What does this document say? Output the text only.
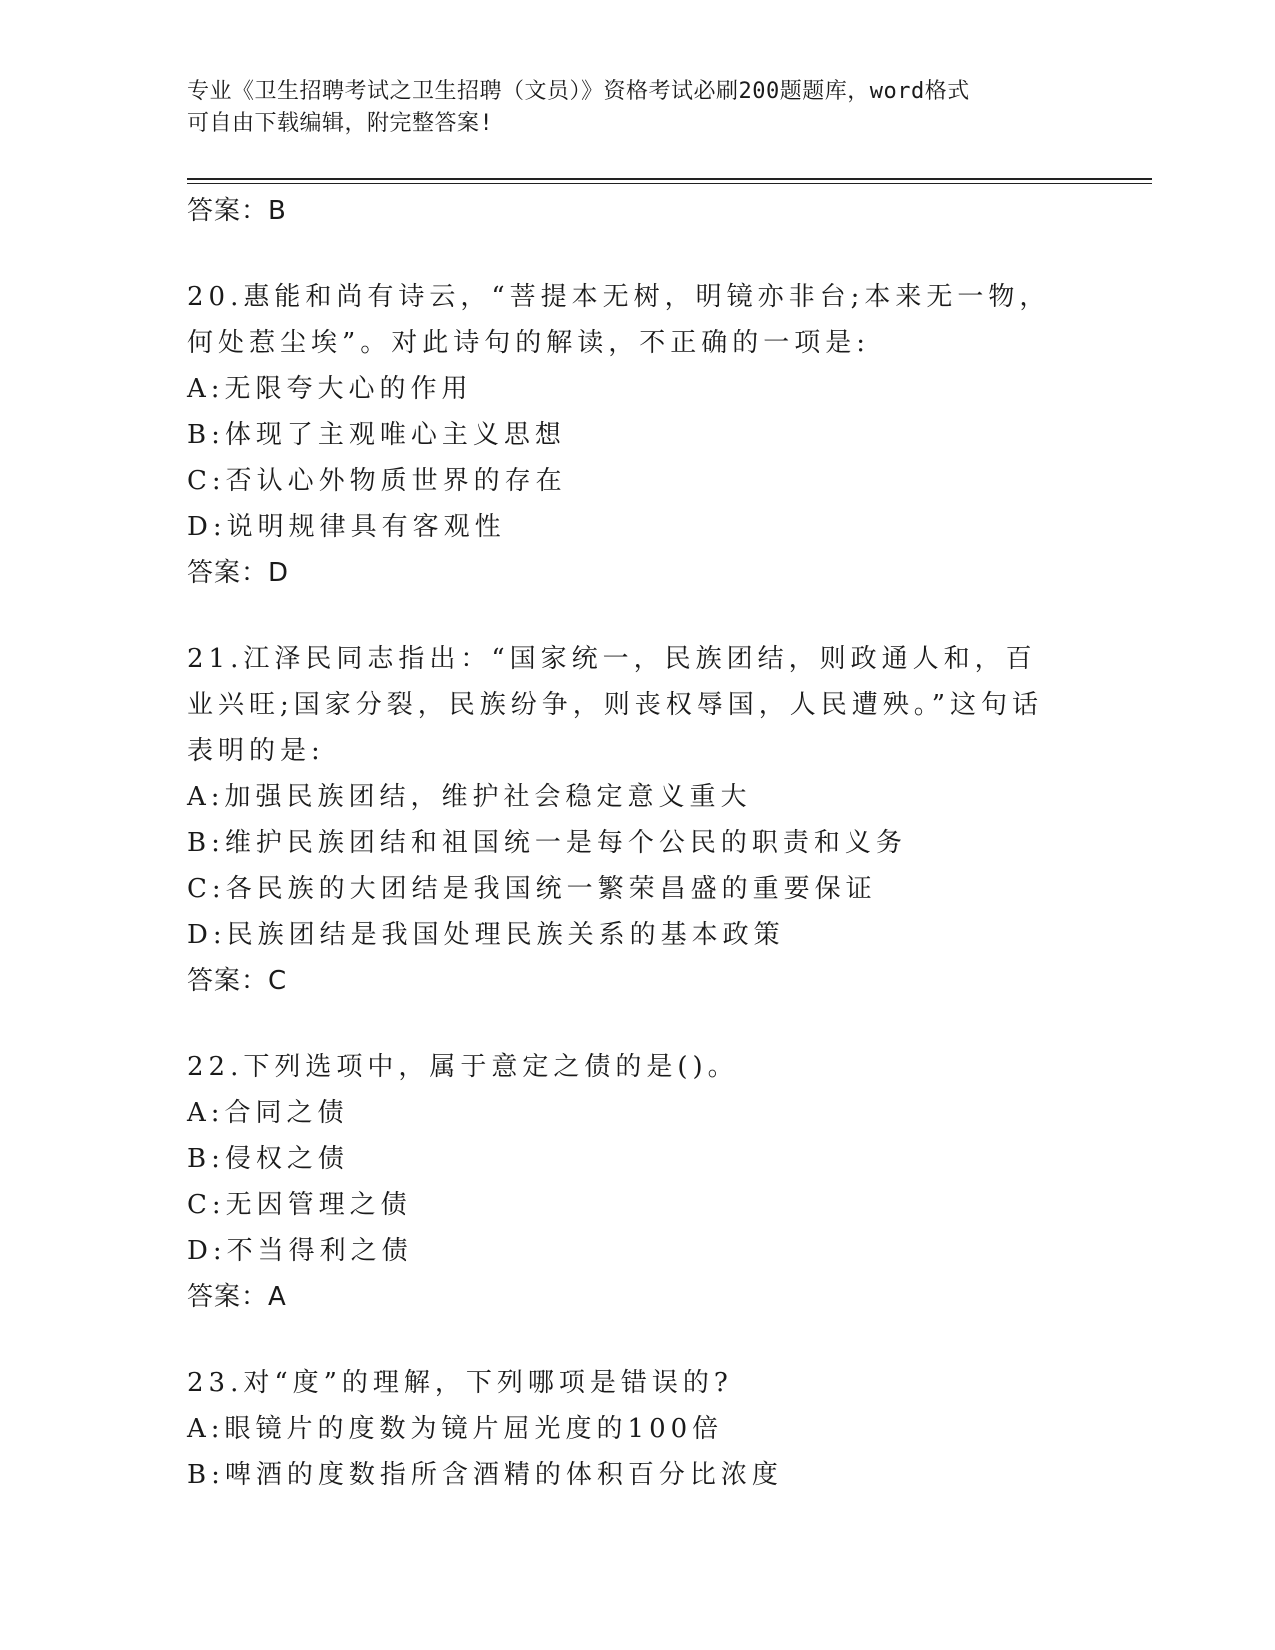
专业《卫生招聘考试之卫生招聘（文员）》资格考试必刷200题题库，word格式
可自由下载编辑，附完整答案!
答案：B
20.惠能和尚有诗云，“菩提本无树，明镜亦非台;本来无一物，何处惹尘埃”。对此诗句的解读，不正确的一项是:
A:无限夸大心的作用
B:体现了主观唯心主义思想
C:否认心外物质世界的存在
D:说明规律具有客观性
答案：D
21.江泽民同志指出：“国家统一，民族团结，则政通人和，百业兴旺;国家分裂，民族纷争，则丧权辱国，人民遭殃。”这句话表明的是:
A:加强民族团结，维护社会稳定意义重大
B:维护民族团结和祖国统一是每个公民的职责和义务
C:各民族的大团结是我国统一繁荣昌盛的重要保证
D:民族团结是我国处理民族关系的基本政策
答案：C
22.下列选项中，属于意定之债的是()。
A:合同之债
B:侵权之债
C:无因管理之债
D:不当得利之债
答案：A
23.对“度”的理解，下列哪项是错误的?
A:眼镜片的度数为镜片屈光度的100倍
B:啤酒的度数指所含酒精的体积百分比浓度
